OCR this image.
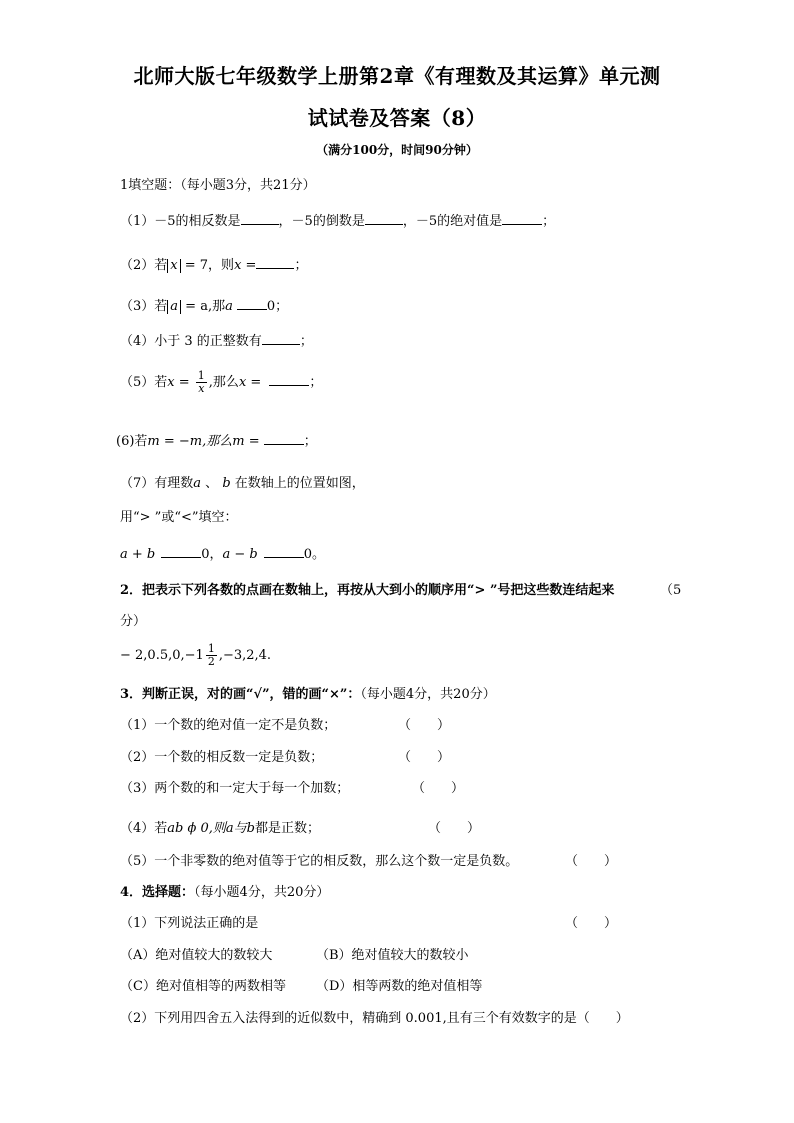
北师大版七年级数学上册第2章《有理数及其运算》单元测
试试卷及答案（8）
（满分100分，时间90分钟）
1填空题：（每小题3分，共21分）
（1）－5的相反数是	，－5的倒数是	，－5的绝对值是	；
（2）若 x = 7，则x =	；
（3）若 a = a,那a	0；
（4）小于 3 的正整数有	；
（5）若$x = \frac{1}{x}$ ,那么x =	；
(6)若m = −m,那么m =	；
（7）有理数a 、 b 在数轴上的位置如图，
用“> ”或“<”填空：
a + b	0，a − b	0。
2．把表示下列各数的点画在数轴上，再按从大到小的顺序用“> ”号把这些数连结起来	（5
分）
− $2,0.5,0,-1 \frac{1}{2} ,-3,2,4$.
3．判断正误，对的画“√”，错的画“×”：（每小题4分，共20分）
（1）一个数的绝对值一定不是负数；	（　　）
（2）一个数的相反数一定是负数；	（　　）
（3）两个数的和一定大于每一个加数；	（　　）
（4）若ab ϕ 0,则a与b都是正数；	（　　）
（5）一个非零数的绝对值等于它的相反数，那么这个数一定是负数。	（　　）
4．选择题：（每小题4分，共20分）
（1）下列说法正确的是	（　　）
（A）绝对值较大的数较大	（B）绝对值较大的数较小
（C）绝对值相等的两数相等 （D）相等两数的绝对值相等
（2）下列用四舍五入法得到的近似数中，精确到 0.001,且有三个有效数字的是（　　）
